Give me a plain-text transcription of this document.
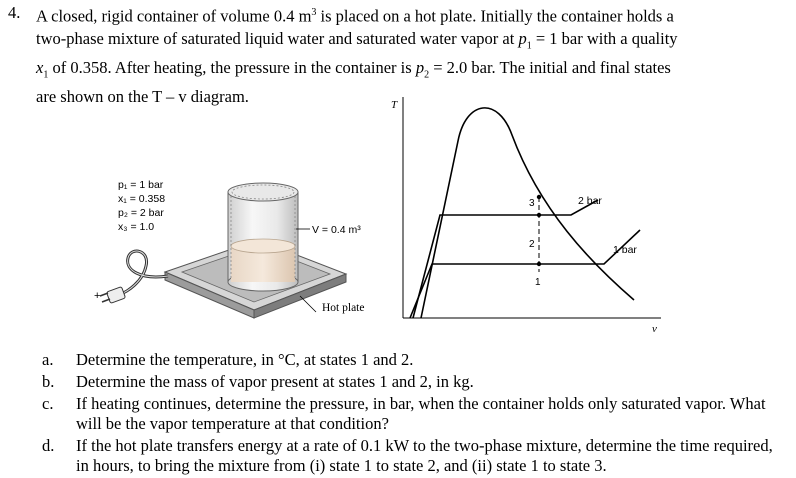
4. A closed, rigid container of volume 0.4 $m^3$ is placed on a hot plate. Initially the container holds a
two-phase mixture of saturated liquid water and saturated water vapor at $p_1 = 1$ bar with a quality
$x_1$ of 0.358. After heating, the pressure in the container is $p_2 = 2.0$ bar. The initial and final states
are shown on the T – v diagram.
p₁ = 1 bar
x₁ = 0.358
p₂ = 2 bar
x₃ = 1.0
+
V = 0.4 m³
Hot plate
T
v
1
2
3	2 bar
1 bar
a. Determine the temperature, in °C, at states 1 and 2.
b. Determine the mass of vapor present at states 1 and 2, in kg.
c. If heating continues, determine the pressure, in bar, when the container holds only saturated vapor. What will be the vapor temperature at that condition?
d. If the hot plate transfers energy at a rate of 0.1 kW to the two-phase mixture, determine the time required, in hours, to bring the mixture from (i) state 1 to state 2, and (ii) state 1 to state 3.
